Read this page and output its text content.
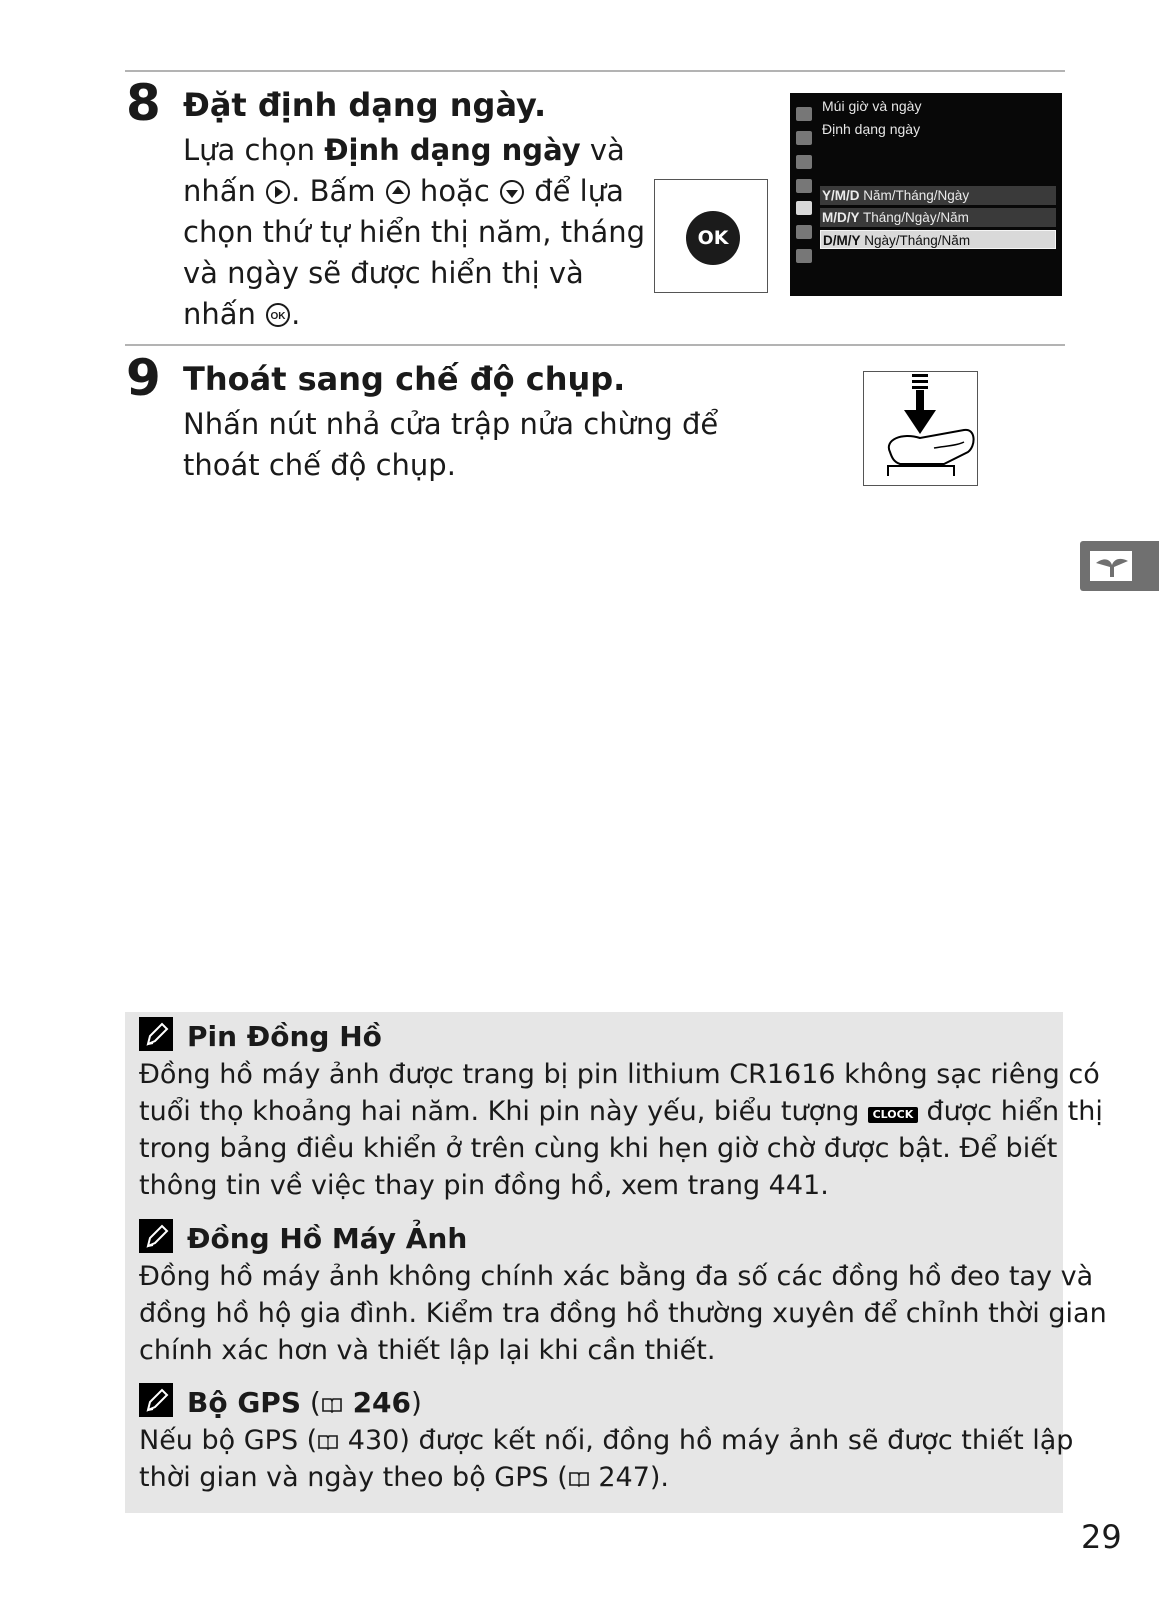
8 Đặt định dạng ngày.
Lựa chọn Định dạng ngày và
nhấn . Bấm  hoặc  để lựa
chọn thứ tự hiển thị năm, tháng
và ngày sẽ được hiển thị và
nhấn OK .
OK
Múi giờ và ngày
Định dạng ngày
Y/M/D Năm/Tháng/Ngày
M/D/Y Tháng/Ngày/Năm
D/M/Y Ngày/Tháng/Năm
9 Thoát sang chế độ chụp.
Nhấn nút nhả cửa trập nửa chừng để
thoát chế độ chụp.
Pin Đồng Hồ
Đồng hồ máy ảnh được trang bị pin lithium CR1616 không sạc riêng có
tuổi thọ khoảng hai năm. Khi pin này yếu, biểu tượng CLOCK được hiển thị
trong bảng điều khiển ở trên cùng khi hẹn giờ chờ được bật. Để biết
thông tin về việc thay pin đồng hồ, xem trang 441.
Đồng Hồ Máy Ảnh
Đồng hồ máy ảnh không chính xác bằng đa số các đồng hồ đeo tay và
đồng hồ hộ gia đình. Kiểm tra đồng hồ thường xuyên để chỉnh thời gian
chính xác hơn và thiết lập lại khi cần thiết.
Bộ GPS ( 246)
Nếu bộ GPS ( 430) được kết nối, đồng hồ máy ảnh sẽ được thiết lập
thời gian và ngày theo bộ GPS ( 247).
29
